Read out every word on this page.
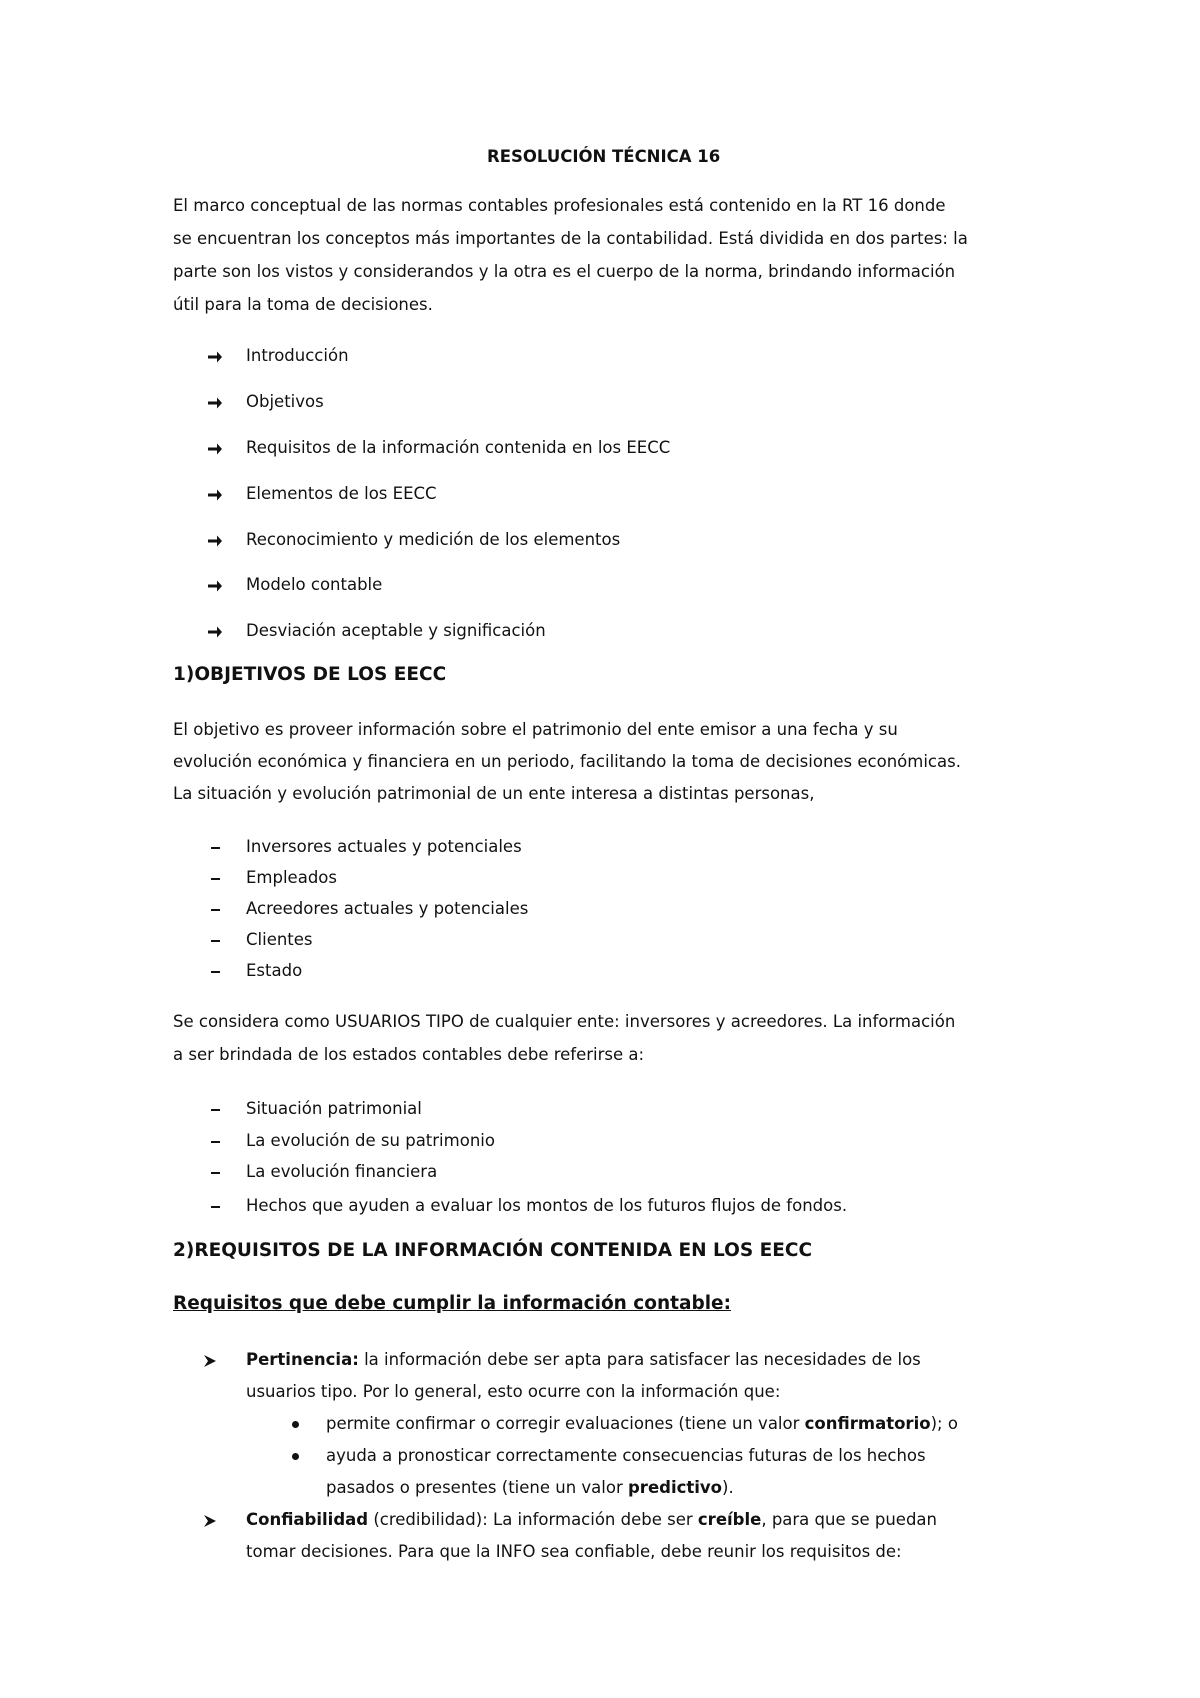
RESOLUCIÓN TÉCNICA 16
El marco conceptual de las normas contables profesionales está contenido en la RT 16 donde
se encuentran los conceptos más importantes de la contabilidad. Está dividida en dos partes: la
parte son los vistos y considerandos y la otra es el cuerpo de la norma, brindando información
útil para la toma de decisiones.
Introducción
Objetivos
Requisitos de la información contenida en los EECC
Elementos de los EECC
Reconocimiento y medición de los elementos
Modelo contable
Desviación aceptable y significación
1)OBJETIVOS DE LOS EECC
El objetivo es proveer información sobre el patrimonio del ente emisor a una fecha y su
evolución económica y financiera en un periodo, facilitando la toma de decisiones económicas.
La situación y evolución patrimonial de un ente interesa a distintas personas,
Inversores actuales y potenciales
Empleados
Acreedores actuales y potenciales
Clientes
Estado
Se considera como USUARIOS TIPO de cualquier ente: inversores y acreedores. La información
a ser brindada de los estados contables debe referirse a:
Situación patrimonial
La evolución de su patrimonio
La evolución financiera
Hechos que ayuden a evaluar los montos de los futuros flujos de fondos.
2)REQUISITOS DE LA INFORMACIÓN CONTENIDA EN LOS EECC
Requisitos que debe cumplir la información contable:
Pertinencia: la información debe ser apta para satisfacer las necesidades de los
usuarios tipo. Por lo general, esto ocurre con la información que:
permite confirmar o corregir evaluaciones (tiene un valor confirmatorio); o
ayuda a pronosticar correctamente consecuencias futuras de los hechos
pasados o presentes (tiene un valor predictivo).
Confiabilidad (credibilidad): La información debe ser creíble, para que se puedan
tomar decisiones. Para que la INFO sea confiable, debe reunir los requisitos de:
